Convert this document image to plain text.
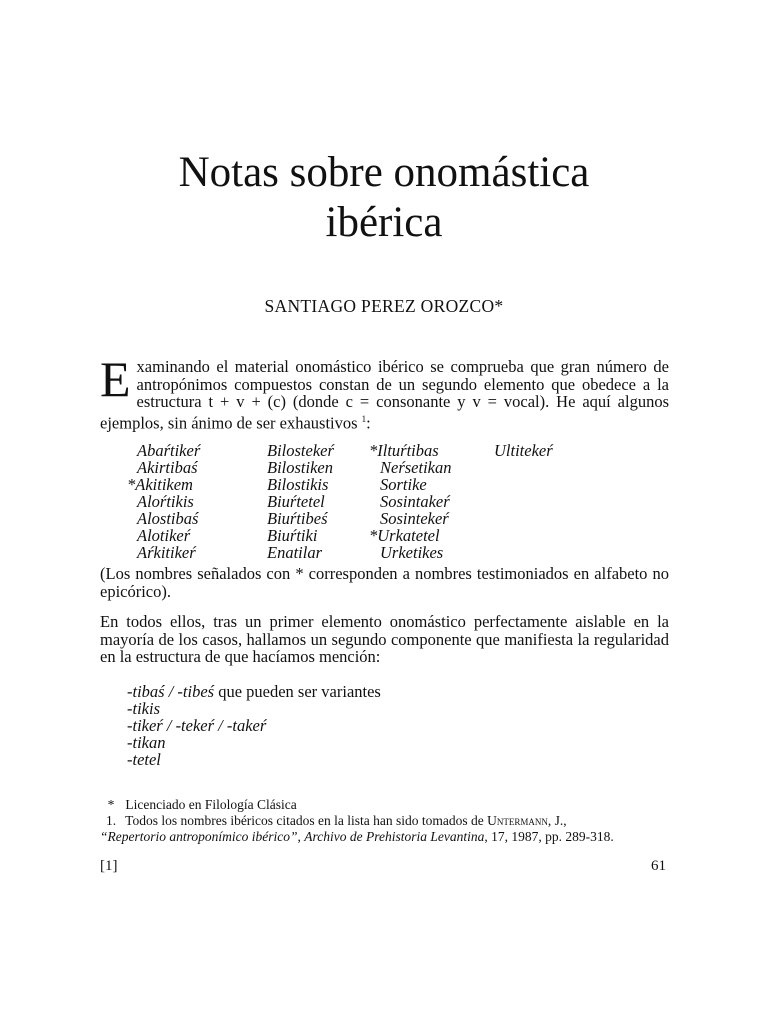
Notas sobre onomástica
ibérica
SANTIAGO PEREZ OROZCO*
Examinando el material onomástico ibérico se comprueba que gran número de antropónimos compuestos constan de un segundo elemento que obedece a la estructura t + v + (c) (donde c = consonante y v = vocal). He aquí algunos ejemplos, sin ánimo de ser exhaustivos $^1$:
Abaŕtikeŕ
Akirtibaś
*Akitikem
Aloŕtikis
Alostibaś
Alotikeŕ
Aŕkitikeŕ
Bilostekeŕ
Bilostiken
Bilostikis
Biuŕtetel
Biuŕtibeś
Biuŕtiki
Enatilar
*Iltuŕtibas
Neŕsetikan
Sortike
Sosintakeŕ
Sosintekeŕ
*Urkatetel
Urketikes
Ultitekeŕ
(Los nombres señalados con * corresponden a nombres testimoniados en alfabeto no epicórico).
En todos ellos, tras un primer elemento onomástico perfectamente aislable en la mayoría de los casos, hallamos un segundo componente que manifiesta la regularidad en la estructura de que hacíamos mención:
-tibaś / -tibeś que pueden ser variantes
-tikis
-tikeŕ / -tekeŕ / -takeŕ
-tikan
-tetel
* Licenciado en Filología Clásica
1. Todos los nombres ibéricos citados en la lista han sido tomados de Untermann, J.,
“Repertorio antroponímico ibérico”, Archivo de Prehistoria Levantina, 17, 1987, pp. 289-318.
[1]	61
